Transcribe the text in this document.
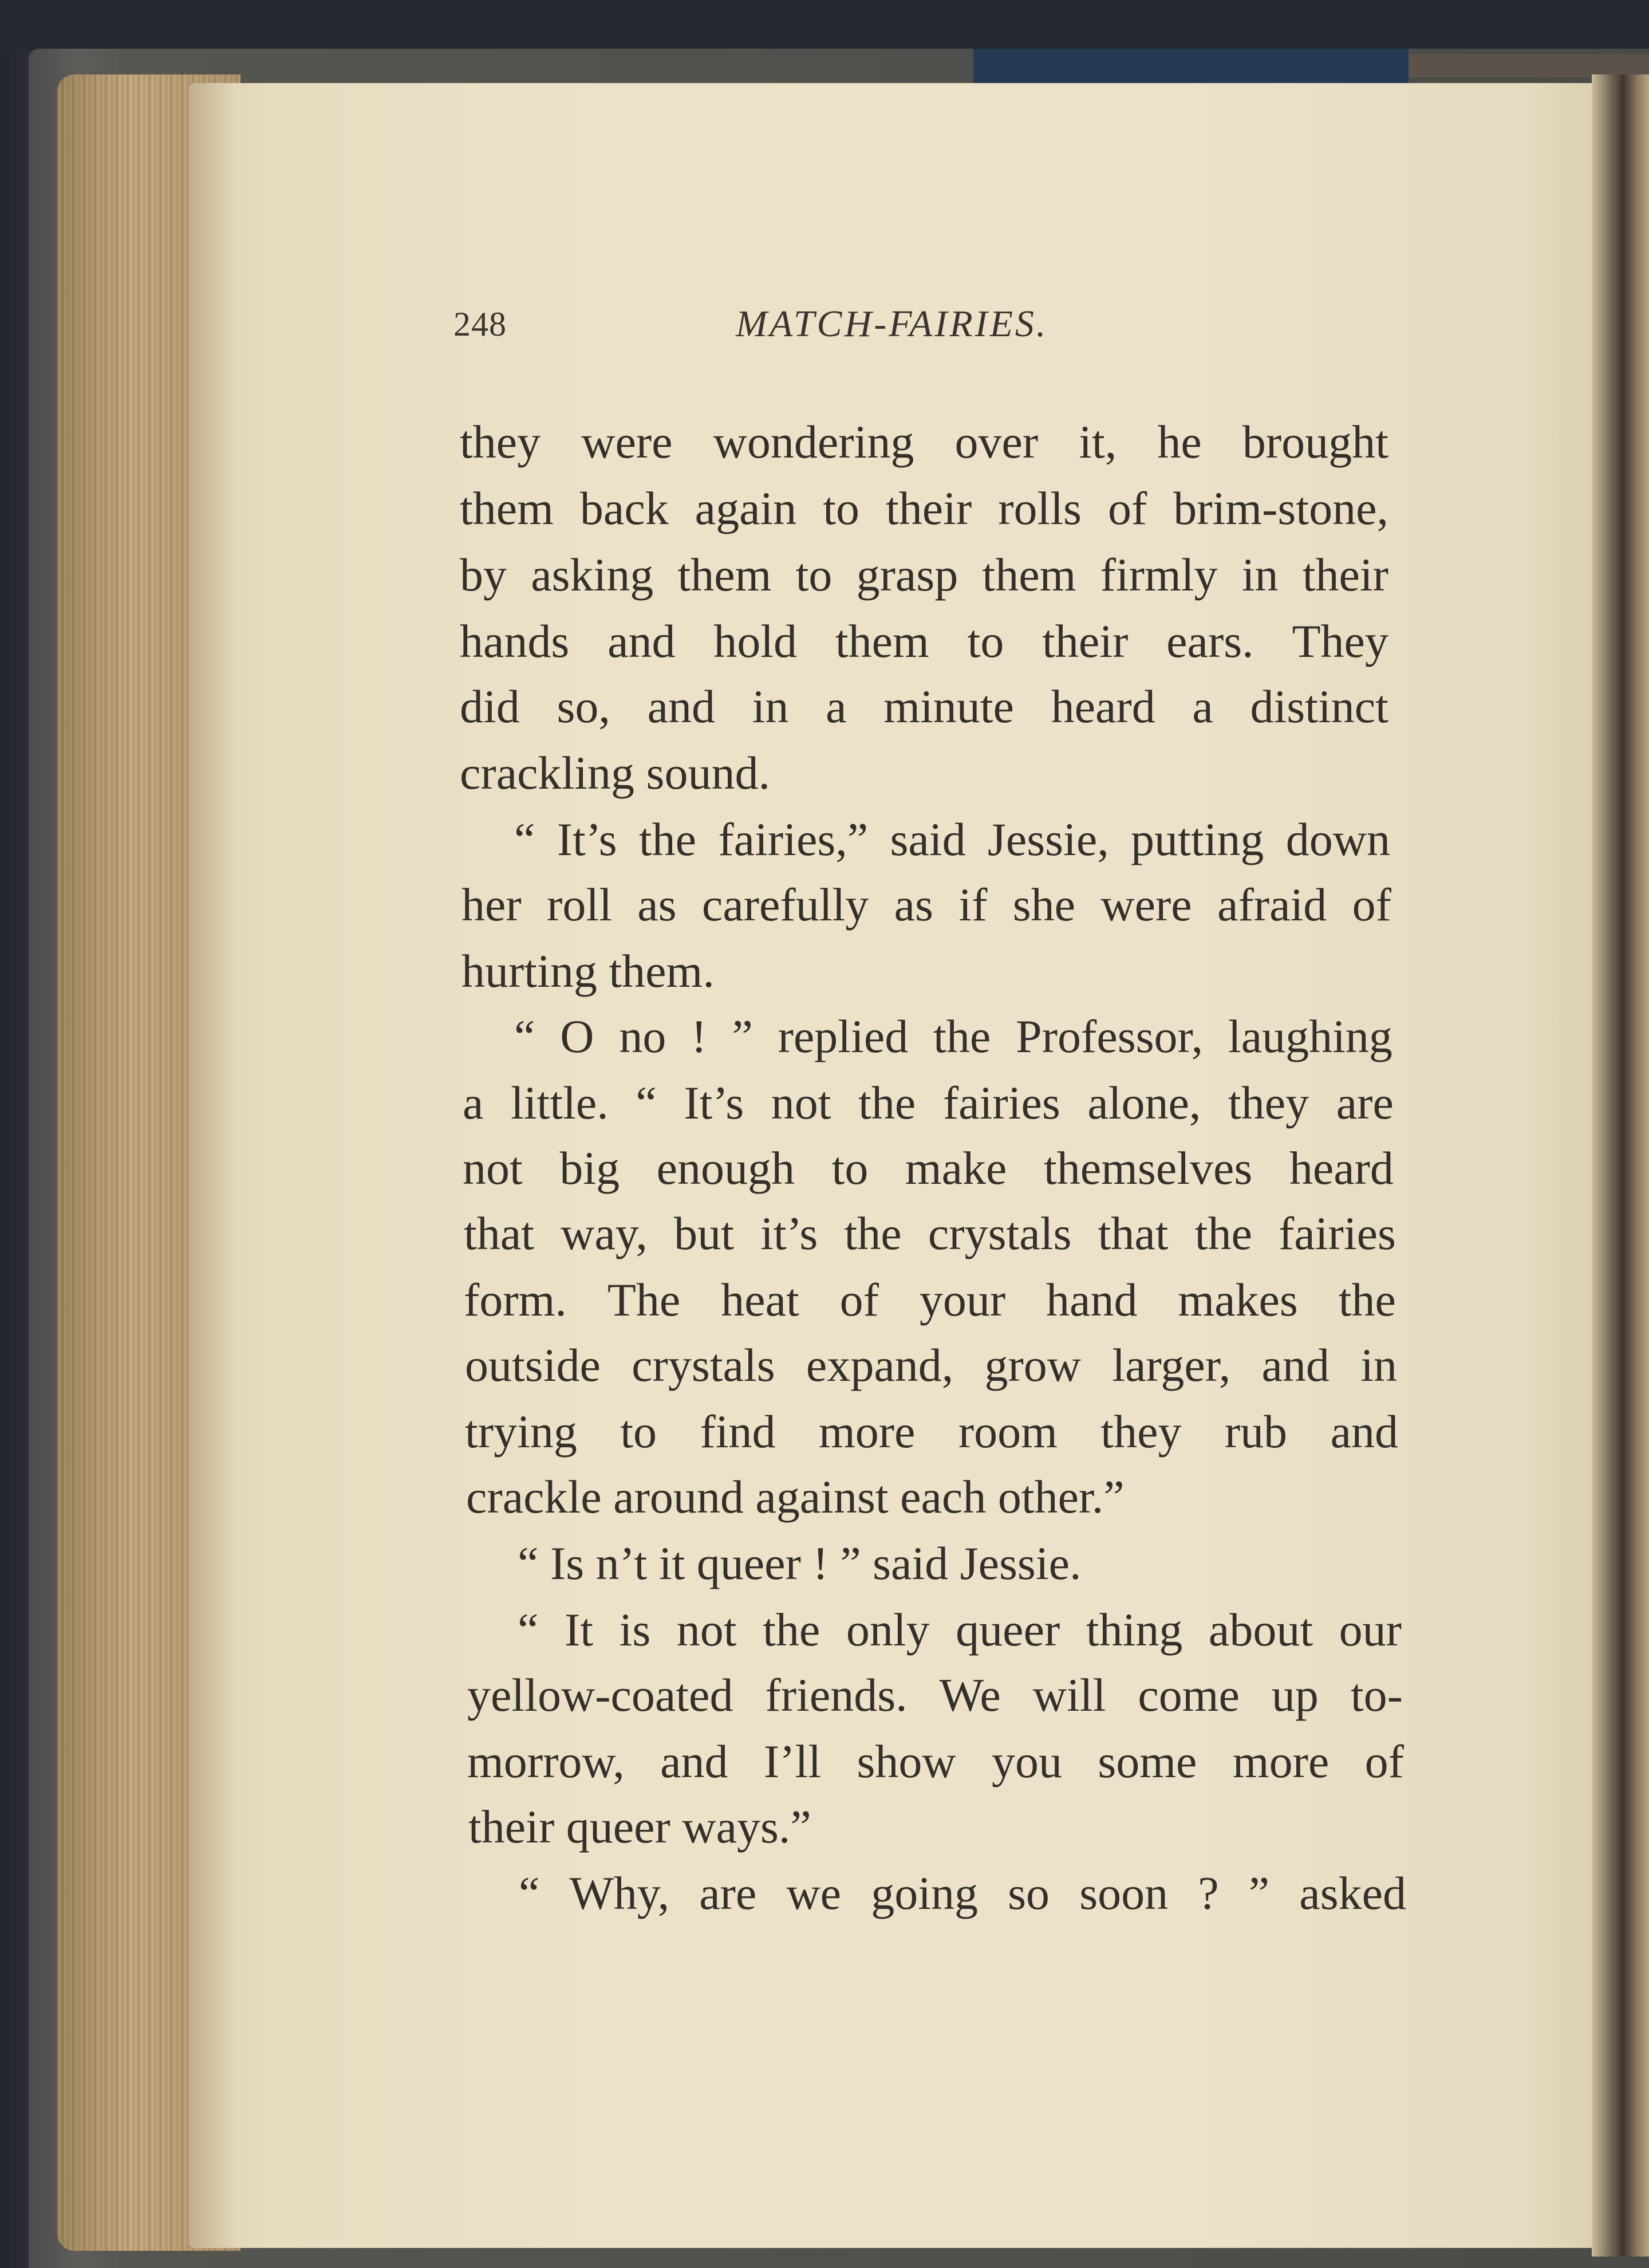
248	MATCH-FAIRIES.
they were wondering over it, he brought
them back again to their rolls of brim-stone,
by asking them to grasp them firmly in their
hands and hold them to their ears. They
did so, and in a minute heard a distinct
crackling sound.
“ It’s the fairies,” said Jessie, putting down
her roll as carefully as if she were afraid of
hurting them.
“ O no ! ” replied the Professor, laughing
a little. “ It’s not the fairies alone, they are
not big enough to make themselves heard
that way, but it’s the crystals that the fairies
form. The heat of your hand makes the
outside crystals expand, grow larger, and in
trying to find more room they rub and
crackle around against each other.”
“ Is n’t it queer ! ” said Jessie.
“ It is not the only queer thing about our
yellow-coated friends. We will come up to-
morrow, and I’ll show you some more of
their queer ways.”
“ Why, are we going so soon ? ” asked
